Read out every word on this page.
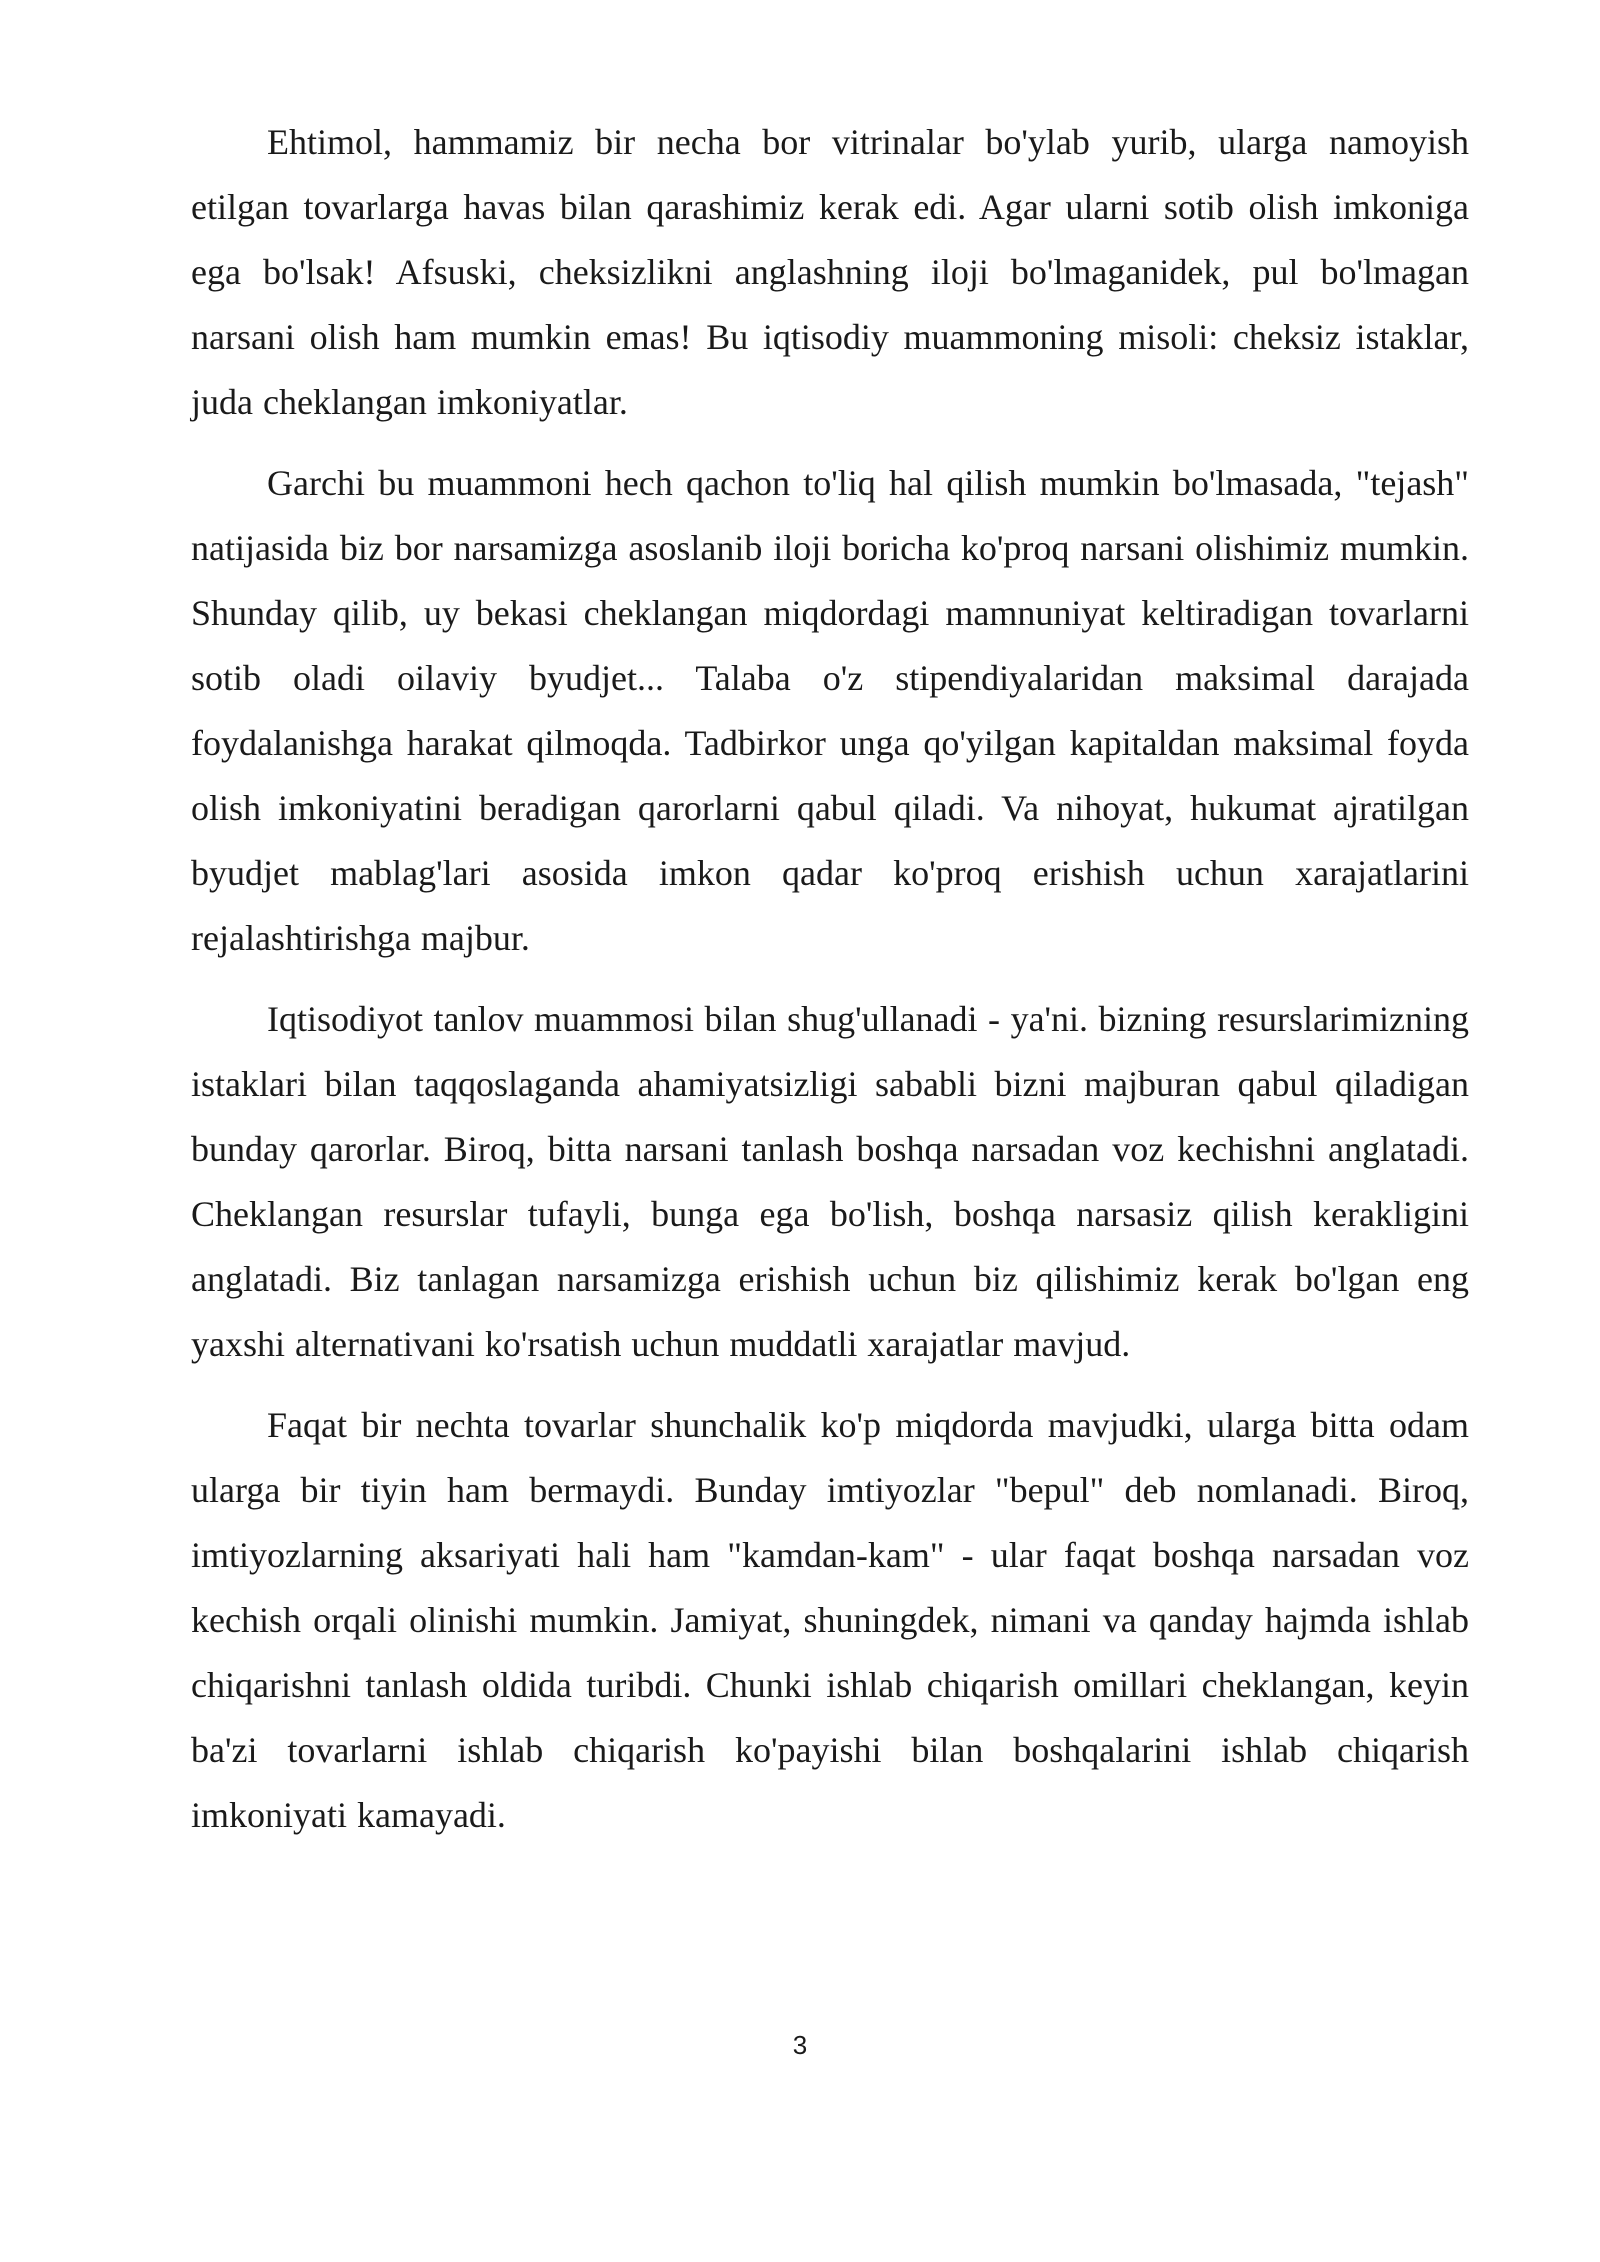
Ehtimol, hammamiz bir necha bor vitrinalar bo'ylab yurib, ularga namoyish etilgan tovarlarga havas bilan qarashimiz kerak edi. Agar ularni sotib olish imkoniga ega bo'lsak! Afsuski, cheksizlikni anglashning iloji bo'lmaganidek, pul bo'lmagan narsani olish ham mumkin emas! Bu iqtisodiy muammoning misoli: cheksiz istaklar, juda cheklangan imkoniyatlar.

Garchi bu muammoni hech qachon to'liq hal qilish mumkin bo'lmasada, "tejash" natijasida biz bor narsamizga asoslanib iloji boricha ko'proq narsani olishimiz mumkin. Shunday qilib, uy bekasi cheklangan miqdordagi mamnuniyat keltiradigan tovarlarni sotib oladi oilaviy byudjet... Talaba o'z stipendiyalaridan maksimal darajada foydalanishga harakat qilmoqda. Tadbirkor unga qo'yilgan kapitaldan maksimal foyda olish imkoniyatini beradigan qarorlarni qabul qiladi. Va nihoyat, hukumat ajratilgan byudjet mablag'lari asosida imkon qadar ko'proq erishish uchun xarajatlarini rejalashtirishga majbur.

Iqtisodiyot tanlov muammosi bilan shug'ullanadi - ya'ni. bizning resurslarimizning istaklari bilan taqqoslaganda ahamiyatsizligi sababli bizni majburan qabul qiladigan bunday qarorlar. Biroq, bitta narsani tanlash boshqa narsadan voz kechishni anglatadi. Cheklangan resurslar tufayli, bunga ega bo'lish, boshqa narsasiz qilish kerakligini anglatadi. Biz tanlagan narsamizga erishish uchun biz qilishimiz kerak bo'lgan eng yaxshi alternativani ko'rsatish uchun muddatli xarajatlar mavjud.

Faqat bir nechta tovarlar shunchalik ko'p miqdorda mavjudki, ularga bitta odam ularga bir tiyin ham bermaydi. Bunday imtiyozlar "bepul" deb nomlanadi. Biroq, imtiyozlarning aksariyati hali ham "kamdan-kam" - ular faqat boshqa narsadan voz kechish orqali olinishi mumkin. Jamiyat, shuningdek, nimani va qanday hajmda ishlab chiqarishni tanlash oldida turibdi. Chunki ishlab chiqarish omillari cheklangan, keyin ba'zi tovarlarni ishlab chiqarish ko'payishi bilan boshqalarini ishlab chiqarish imkoniyati kamayadi.

3
